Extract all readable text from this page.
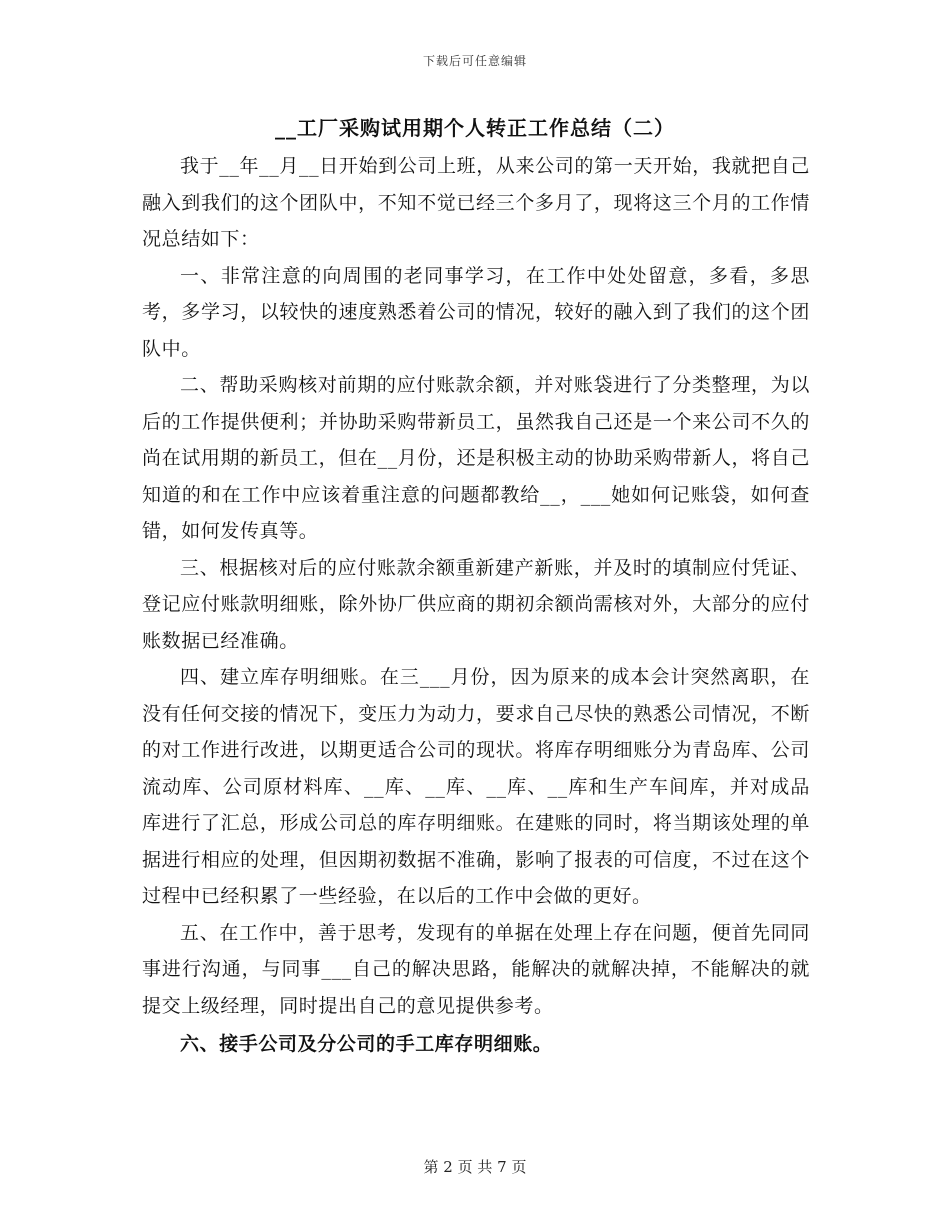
下载后可任意编辑
__工厂采购试用期个人转正工作总结（二）

我于__年__月__日开始到公司上班，从来公司的第一天开始，我就把自己融入到我们的这个团队中，不知不觉已经三个多月了，现将这三个月的工作情况总结如下：

一、非常注意的向周围的老同事学习，在工作中处处留意，多看，多思考，多学习，以较快的速度熟悉着公司的情况，较好的融入到了我们的这个团队中。

二、帮助采购核对前期的应付账款余额，并对账袋进行了分类整理，为以后的工作提供便利；并协助采购带新员工，虽然我自己还是一个来公司不久的尚在试用期的新员工，但在__月份，还是积极主动的协助采购带新人，将自己知道的和在工作中应该着重注意的问题都教给__，___她如何记账袋，如何查错，如何发传真等。

三、根据核对后的应付账款余额重新建产新账，并及时的填制应付凭证、登记应付账款明细账，除外协厂供应商的期初余额尚需核对外，大部分的应付账数据已经准确。

四、建立库存明细账。在三___月份，因为原来的成本会计突然离职，在没有任何交接的情况下，变压力为动力，要求自己尽快的熟悉公司情况，不断的对工作进行改进，以期更适合公司的现状。将库存明细账分为青岛库、公司流动库、公司原材料库、__库、__库、__库、__库和生产车间库，并对成品库进行了汇总，形成公司总的库存明细账。在建账的同时，将当期该处理的单据进行相应的处理，但因期初数据不准确，影响了报表的可信度，不过在这个过程中已经积累了一些经验，在以后的工作中会做的更好。

五、在工作中，善于思考，发现有的单据在处理上存在问题，便首先同同事进行沟通，与同事___自己的解决思路，能解决的就解决掉，不能解决的就提交上级经理，同时提出自己的意见提供参考。

六、接手公司及分公司的手工库存明细账。

第 2 页 共 7 页
